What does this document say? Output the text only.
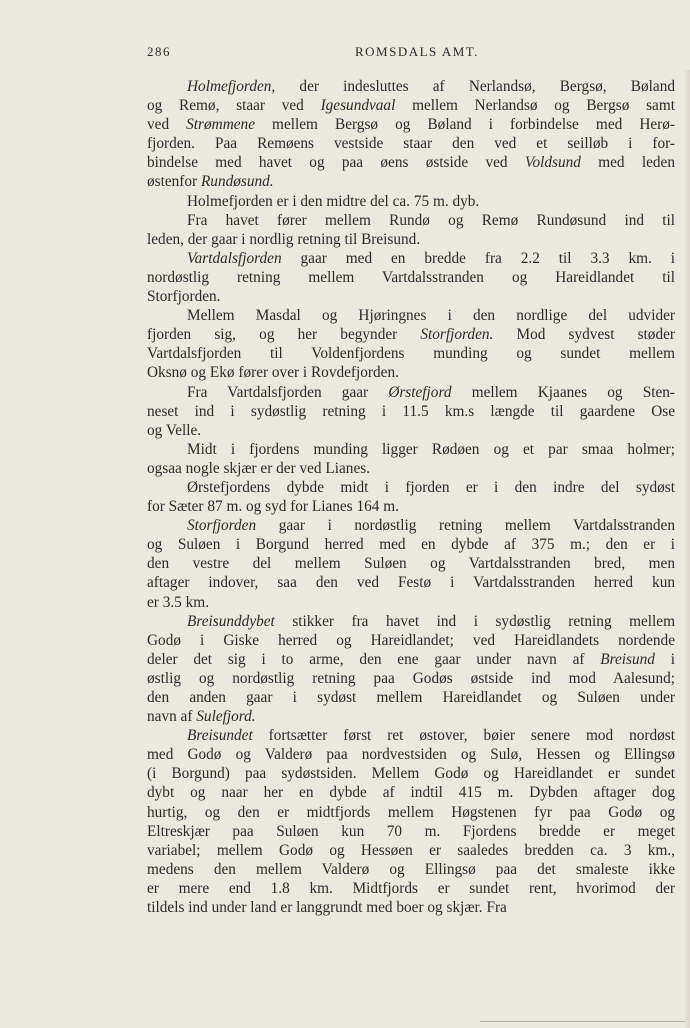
286	ROMSDALS AMT.
Holmefjorden, der indesluttes af Nerlandsø, Bergsø, Bøland
og Remø, staar ved Igesundvaal mellem Nerlandsø og Bergsø samt
ved Strømmene mellem Bergsø og Bøland i forbindelse med Herø-
fjorden. Paa Remøens vestside staar den ved et seilløb i for-
bindelse med havet og paa øens østside ved Voldsund med leden
østenfor Rundøsund.
Holmefjorden er i den midtre del ca. 75 m. dyb.
Fra havet fører mellem Rundø og Remø Rundøsund ind til
leden, der gaar i nordlig retning til Breisund.
Vartdalsfjorden gaar med en bredde fra 2.2 til 3.3 km. i
nordøstlig retning mellem Vartdalsstranden og Hareidlandet til
Storfjorden.
Mellem Masdal og Hjøringnes i den nordlige del udvider
fjorden sig, og her begynder Storfjorden. Mod sydvest støder
Vartdalsfjorden til Voldenfjordens munding og sundet mellem
Oksnø og Ekø fører over i Rovdefjorden.
Fra Vartdalsfjorden gaar Ørstefjord mellem Kjaanes og Sten-
neset ind i sydøstlig retning i 11.5 km.s længde til gaardene Ose
og Velle.
Midt i fjordens munding ligger Rødøen og et par smaa holmer;
ogsaa nogle skjær er der ved Lianes.
Ørstefjordens dybde midt i fjorden er i den indre del sydøst
for Sæter 87 m. og syd for Lianes 164 m.
Storfjorden gaar i nordøstlig retning mellem Vartdalsstranden
og Suløen i Borgund herred med en dybde af 375 m.; den er i
den vestre del mellem Suløen og Vartdalsstranden bred, men
aftager indover, saa den ved Festø i Vartdalsstranden herred kun
er 3.5 km.
Breisunddybet stikker fra havet ind i sydøstlig retning mellem
Godø i Giske herred og Hareidlandet; ved Hareidlandets nordende
deler det sig i to arme, den ene gaar under navn af Breisund i
østlig og nordøstlig retning paa Godøs østside ind mod Aalesund;
den anden gaar i sydøst mellem Hareidlandet og Suløen under
navn af Sulefjord.
Breisundet fortsætter først ret østover, bøier senere mod nordøst
med Godø og Valderø paa nordvestsiden og Sulø, Hessen og Ellingsø
(i Borgund) paa sydøstsiden. Mellem Godø og Hareidlandet er sundet
dybt og naar her en dybde af indtil 415 m. Dybden aftager dog
hurtig, og den er midtfjords mellem Høgstenen fyr paa Godø og
Eltreskjær paa Suløen kun 70 m. Fjordens bredde er meget
variabel; mellem Godø og Hessøen er saaledes bredden ca. 3 km.,
medens den mellem Valderø og Ellingsø paa det smaleste ikke
er mere end 1.8 km. Midtfjords er sundet rent, hvorimod der
tildels ind under land er langgrundt med boer og skjær. Fra
